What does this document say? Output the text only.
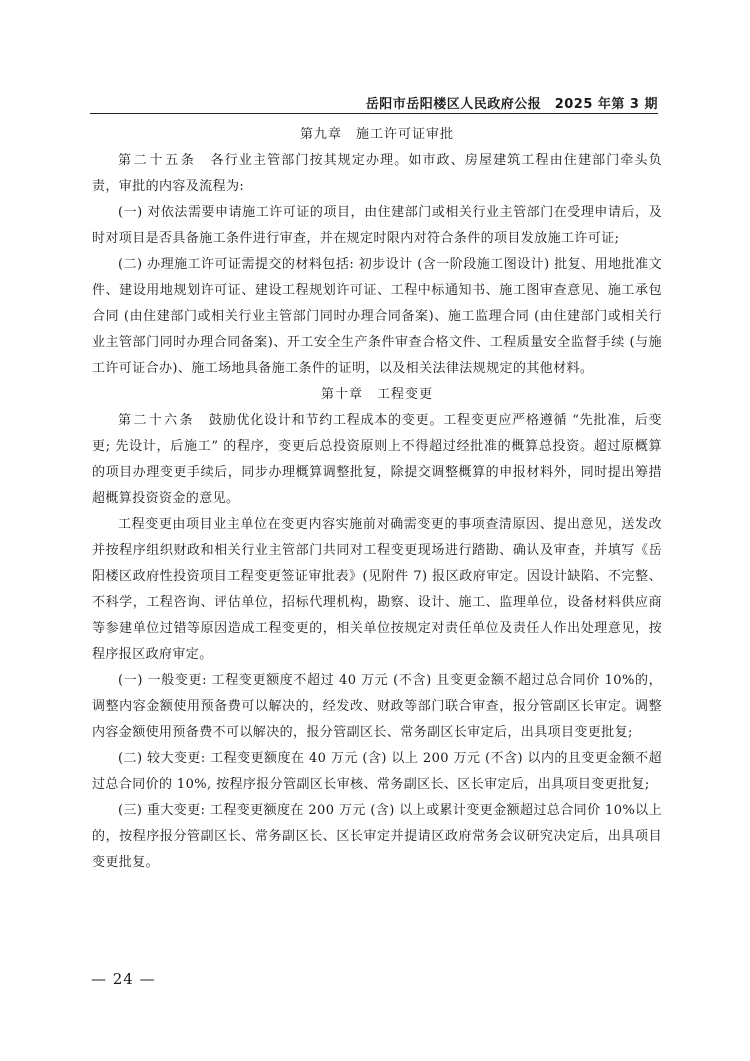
岳阳市岳阳楼区人民政府公报　2025 年第 3 期

第九章　施工许可证审批

第二十五条 各行业主管部门按其规定办理。如市政、房屋建筑工程由住建部门牵头负责，审批的内容及流程为:

(一) 对依法需要申请施工许可证的项目，由住建部门或相关行业主管部门在受理申请后，及时对项目是否具备施工条件进行审查，并在规定时限内对符合条件的项目发放施工许可证;

(二) 办理施工许可证需提交的材料包括: 初步设计 (含一阶段施工图设计) 批复、用地批准文件、建设用地规划许可证、建设工程规划许可证、工程中标通知书、施工图审查意见、施工承包合同 (由住建部门或相关行业主管部门同时办理合同备案)、施工监理合同 (由住建部门或相关行业主管部门同时办理合同备案)、开工安全生产条件审查合格文件、工程质量安全监督手续 (与施工许可证合办)、施工场地具备施工条件的证明，以及相关法律法规规定的其他材料。

第十章　工程变更

第二十六条 鼓励优化设计和节约工程成本的变更。工程变更应严格遵循 “先批准，后变更; 先设计，后施工” 的程序，变更后总投资原则上不得超过经批准的概算总投资。超过原概算的项目办理变更手续后，同步办理概算调整批复，除提交调整概算的申报材料外，同时提出筹措超概算投资资金的意见。

工程变更由项目业主单位在变更内容实施前对确需变更的事项查清原因、提出意见，送发改并按程序组织财政和相关行业主管部门共同对工程变更现场进行踏勘、确认及审查，并填写《岳阳楼区政府性投资项目工程变更签证审批表》(见附件 7) 报区政府审定。因设计缺陷、不完整、不科学，工程咨询、评估单位，招标代理机构，勘察、设计、施工、监理单位，设备材料供应商等参建单位过错等原因造成工程变更的，相关单位按规定对责任单位及责任人作出处理意见，按程序报区政府审定。

(一) 一般变更: 工程变更额度不超过 40 万元 (不含) 且变更金额不超过总合同价 10%的，调整内容金额使用预备费可以解决的，经发改、财政等部门联合审查，报分管副区长审定。调整内容金额使用预备费不可以解决的，报分管副区长、常务副区长审定后，出具项目变更批复;

(二) 较大变更: 工程变更额度在 40 万元 (含) 以上 200 万元 (不含) 以内的且变更金额不超过总合同价的 10%, 按程序报分管副区长审核、常务副区长、区长审定后，出具项目变更批复;

(三) 重大变更: 工程变更额度在 200 万元 (含) 以上或累计变更金额超过总合同价 10%以上的，按程序报分管副区长、常务副区长、区长审定并提请区政府常务会议研究决定后，出具项目变更批复。

— 24 —
